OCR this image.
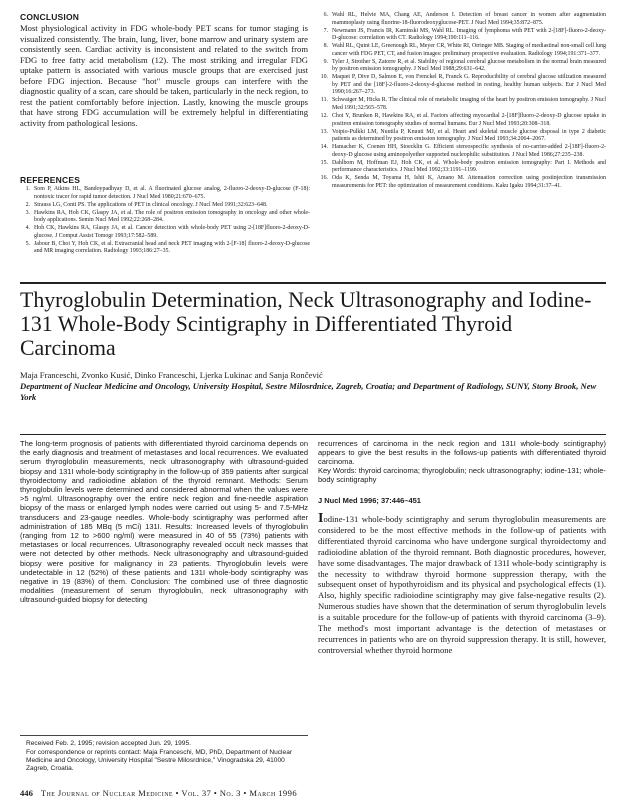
CONCLUSION
Most physiological activity in FDG whole-body PET scans for tumor staging is visualized consistently. The brain, lung, liver, bone marrow and urinary system are consistently seen. Cardiac activity is inconsistent and related to the switch from FDG to free fatty acid metabolism (12). The most striking and irregular FDG uptake pattern is associated with various muscle groups that are exercised just before FDG injection. Because "hot" muscle groups can interfere with the diagnostic quality of a scan, care should be taken, particularly in the neck region, to rest the patient comfortably before injection. Lastly, knowing the muscle groups that have strong FDG accumulation will be extremely helpful in differentiating activity from pathological lesions.
REFERENCES
1. Som P, Atkins HL, Bandoypadhyay D, et al. A fluorinated glucose analog, 2-fluoro-2-deoxy-D-glucose (F-18): nontoxic tracer for rapid tumor detection. J Nucl Med 1980;21:670–675.
2. Strauss LG, Conti PS. The applications of PET in clinical oncology. J Nucl Med 1991;32:623–648.
3. Hawkins RA, Hoh CK, Glaspy JA, et al. The role of positron emission tomography in oncology and other whole-body applications. Semin Nucl Med 1992;22:268–284.
4. Hoh CK, Hawkins RA, Glaspy JA, et al. Cancer detection with whole-body PET using 2-[18F]fluoro-2-deoxy-D-glucose. J Comput Assist Tomogr 1993;17:582–589.
5. Jabour B, Choi Y, Hoh CK, et al. Extracranial head and neck PET imaging with 2-[F-18] fluoro-2-deoxy-D-glucose and MR imaging correlation. Radiology 1993;186:27–35.
6. Wahl RL, Helvie MA, Chang AE, Anderson I. Detection of breast cancer in women after augmentation mammoplasty using fluorine-18-fluorodeoxyglucose-PET. J Nucl Med 1994;35:872–875.
7. Newmann JS, Francis IR, Kaminski MS, Wahl RL. Imaging of lymphoma with PET with 2-[18F]-fluoro-2-deoxy-D-glucose: correlation with CT. Radiology 1994;190:111–116.
8. Wahl RL, Quint LE, Greenough RL, Meyer CR, White RI, Orringer MB. Staging of mediastinal non-small cell lung cancer with FDG PET, CT, and fusion images: preliminary prospective evaluation. Radiology 1994;191:371–377.
9. Tyler J, Strother S, Zatorre R, et al. Stability of regional cerebral glucose metabolism in the normal brain measured by positron emission tomography. J Nucl Med 1988;29:631–642.
10. Maquet P, Dive D, Salmon E, von Frenckel R, Franck G. Reproducibility of cerebral glucose utilization measured by PET and the [18F]-2-fluoro-2-deoxy-d-glucose method in resting, healthy human subjects. Eur J Nucl Med 1990;16:267–273.
11. Schwaiger M, Hicks R. The clinical role of metabolic imaging of the heart by positron emission tomography. J Nucl Med 1991;32:565–578.
12. Choi Y, Brunken R, Hawkins RA, et al. Factors affecting myocardial 2-[18F]fluoro-2-deoxy-D glucose uptake in positron emission tomography studies of normal humans. Eur J Nucl Med 1993;20:308–318.
13. Voipio-Pulkki LM, Nuutila P, Knuuti MJ, et al. Heart and skeletal muscle glucose disposal in type 2 diabetic patients as determined by positron emission tomography. J Nucl Med 1993;34:2064–2067.
14. Hamacher K, Coenen HH, Stoecklin G. Efficient stereospecific synthesis of no-carrier-added 2-[18F]-fluoro-2-deoxy-D glucose using aminopolyether supported nucleophilic substitution. J Nucl Med 1986;27:235–238.
15. Dahlbom M, Hoffman EJ, Hoh CK, et al. Whole-body positron emission tomography: Part I. Methods and performance characteristics. J Nucl Med 1992;33:1191–1199.
16. Oda K, Senda M, Toyama H, Ishii K, Amano M. Attenuation correction using postinjection transmission measurements for PET: the optimization of measurement conditions. Kaku Igaku 1994;31:37–41.
Thyroglobulin Determination, Neck Ultrasonography and Iodine-131 Whole-Body Scintigraphy in Differentiated Thyroid Carcinoma
Maja Franceschi, Zvonko Kusić, Dinko Franceschi, Ljerka Lukinac and Sanja Rončević
Department of Nuclear Medicine and Oncology, University Hospital, Sestre Milosrdnice, Zagreb, Croatia; and Department of Radiology, SUNY, Stony Brook, New York
The long-term prognosis of patients with differentiated thyroid carcinoma depends on the early diagnosis and treatment of metastases and local recurrences. We evaluated serum thyroglobulin measurements, neck ultrasonography with ultrasound-guided biopsy and 131I whole-body scintigraphy in the follow-up of 359 patients after surgical thyroidectomy and radioiodine ablation of the thyroid remnant. Methods: Serum thyroglobulin levels were determined and considered abnormal when the values were >5 ng/ml. Ultrasonography over the entire neck region and fine-needle aspiration biopsy of the mass or enlarged lymph nodes were carried out using 5- and 7.5-MHz transducers and 23-gauge needles. Whole-body scintigraphy was performed after administration of 185 MBq (5 mCi) 131I. Results: Increased levels of thyroglobulin (ranging from 12 to >600 ng/ml) were measured in 40 of 55 (73%) patients with metastases or local recurrences. Ultrasonography revealed occult neck masses that were not detected by other methods. Neck ultrasonography and ultrasound-guided biopsy were positive for malignancy in 23 patients. Thyroglobulin levels were undetectable in 12 (52%) of these patients and 131I whole-body scintigraphy was negative in 19 (83%) of them. Conclusion: The combined use of three diagnostic modalities (measurement of serum thyroglobulin, neck ultrasonography with ultrasound-guided biopsy for detecting
recurrences of carcinoma in the neck region and 131I whole-body scintigraphy) appears to give the best results in the follows-up patients with differentiated thyroid carcinoma.
Key Words: thyroid carcinoma; thyroglobulin; neck ultrasonography; iodine-131; whole-body scintigraphy
J Nucl Med 1996; 37:446–451
Iodine-131 whole-body scintigraphy and serum thyroglobulin measurements are considered to be the most effective methods in the follow-up of patients with differentiated thyroid carcinoma who have undergone surgical thyroidectomy and radioiodine ablation of the thyroid remnant. Both diagnostic procedures, however, have some disadvantages. The major drawback of 131I whole-body scintigraphy is the necessity to withdraw thyroid hormone suppression therapy, with the subsequent onset of hypothyroidism and its physical and psychological effects (1). Also, highly specific radioiodine scintigraphy may give false-negative results (2). Numerous studies have shown that the determination of serum thyroglobulin levels is a suitable procedure for the follow-up of patients with thyroid carcinoma (3–9). The method's most important advantage is the detection of metastases or recurrences in patients who are on thyroid suppression therapy. It is still, however, controversial whether thyroid hormone
Received Feb. 2, 1995; revision accepted Jun. 29, 1995.
For correspondence or reprints contact: Maja Franceschi, MD, PhD, Department of Nuclear Medicine and Oncology, University Hospital "Sestre Milosrdnice," Vinogradska 29, 41000 Zagreb, Croatia.
446 The Journal of Nuclear Medicine • Vol. 37 • No. 3 • March 1996
